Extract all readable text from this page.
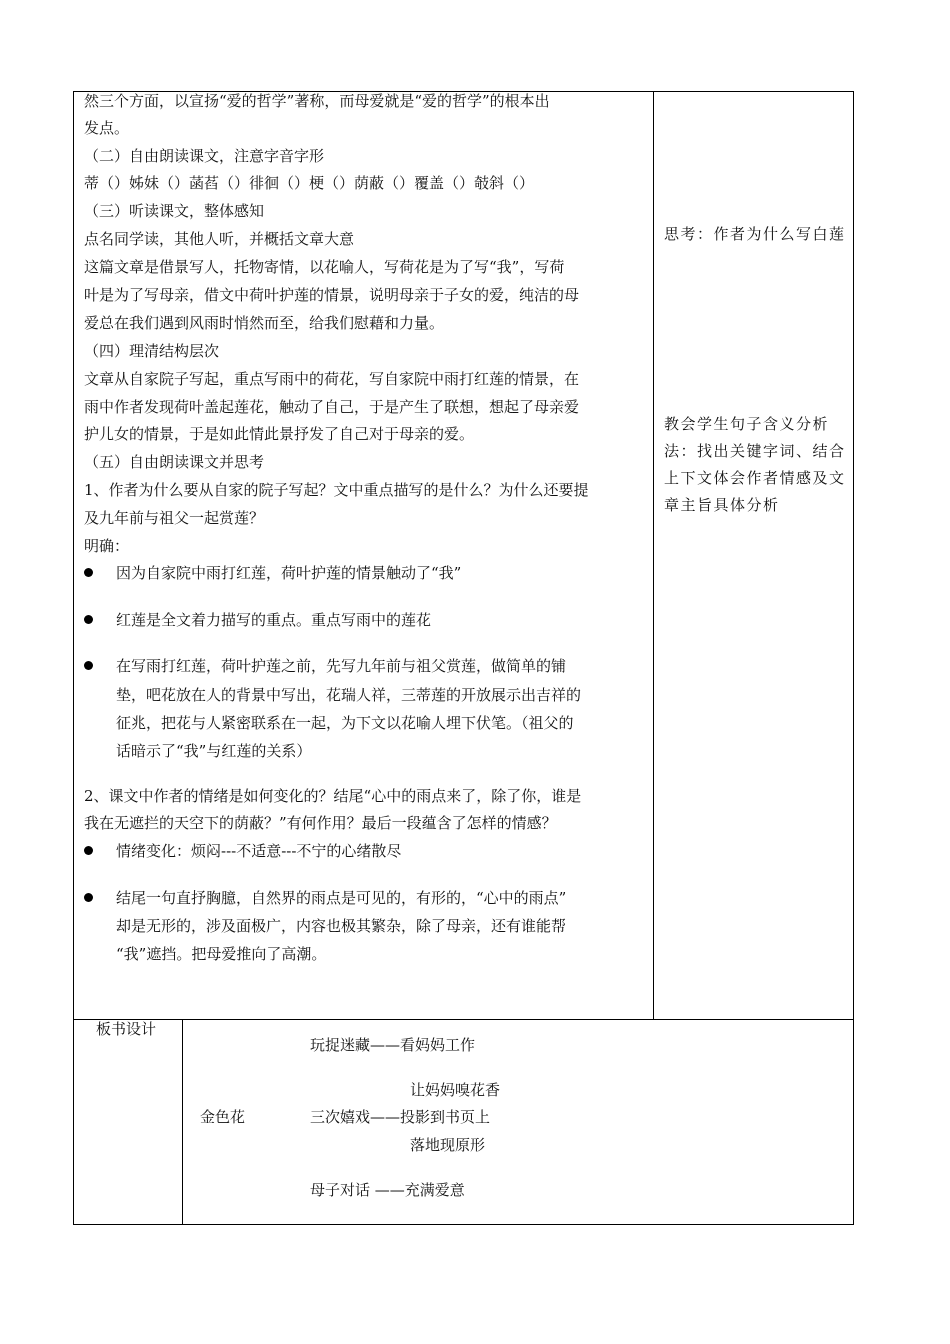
然三个方面，以宣扬“爱的哲学”著称，而母爱就是“爱的哲学”的根本出
发点。
（二）自由朗读课文，注意字音字形
蒂（）姊妹（）菡萏（）徘徊（）梗（）荫蔽（）覆盖（）攲斜（）
（三）听读课文，整体感知
点名同学读，其他人听，并概括文章大意
这篇文章是借景写人，托物寄情，以花喻人，写荷花是为了写“我”，写荷
叶是为了写母亲，借文中荷叶护莲的情景，说明母亲于子女的爱，纯洁的母
爱总在我们遇到风雨时悄然而至，给我们慰藉和力量。
（四）理清结构层次
文章从自家院子写起，重点写雨中的荷花，写自家院中雨打红莲的情景，在
雨中作者发现荷叶盖起莲花，触动了自己，于是产生了联想，想起了母亲爱
护儿女的情景，于是如此情此景抒发了自己对于母亲的爱。
（五）自由朗读课文并思考
1、作者为什么要从自家的院子写起？文中重点描写的是什么？为什么还要提
及九年前与祖父一起赏莲？
明确：
因为自家院中雨打红莲，荷叶护莲的情景触动了“我”
红莲是全文着力描写的重点。重点写雨中的莲花
在写雨打红莲，荷叶护莲之前，先写九年前与祖父赏莲，做简单的铺
垫，吧花放在人的背景中写出，花瑞人祥，三蒂莲的开放展示出吉祥的
征兆，把花与人紧密联系在一起，为下文以花喻人埋下伏笔。（祖父的
话暗示了“我”与红莲的关系）
2、课文中作者的情绪是如何变化的？结尾“心中的雨点来了，除了你，谁是
我在无遮拦的天空下的荫蔽？”有何作用？最后一段蕴含了怎样的情感？
情绪变化：烦闷---不适意---不宁的心绪散尽
结尾一句直抒胸臆，自然界的雨点是可见的，有形的，“心中的雨点”
却是无形的，涉及面极广，内容也极其繁杂，除了母亲，还有谁能帮
“我”遮挡。把母爱推向了高潮。
思考：作者为什么写白莲
教会学生句子含义分析法：找出关键字词、结合上下文体会作者情感及文章主旨具体分析
板书设计
玩捉迷藏——看妈妈工作
让妈妈嗅花香
金色花	三次嬉戏——投影到书页上
落地现原形
母子对话 ——充满爱意
